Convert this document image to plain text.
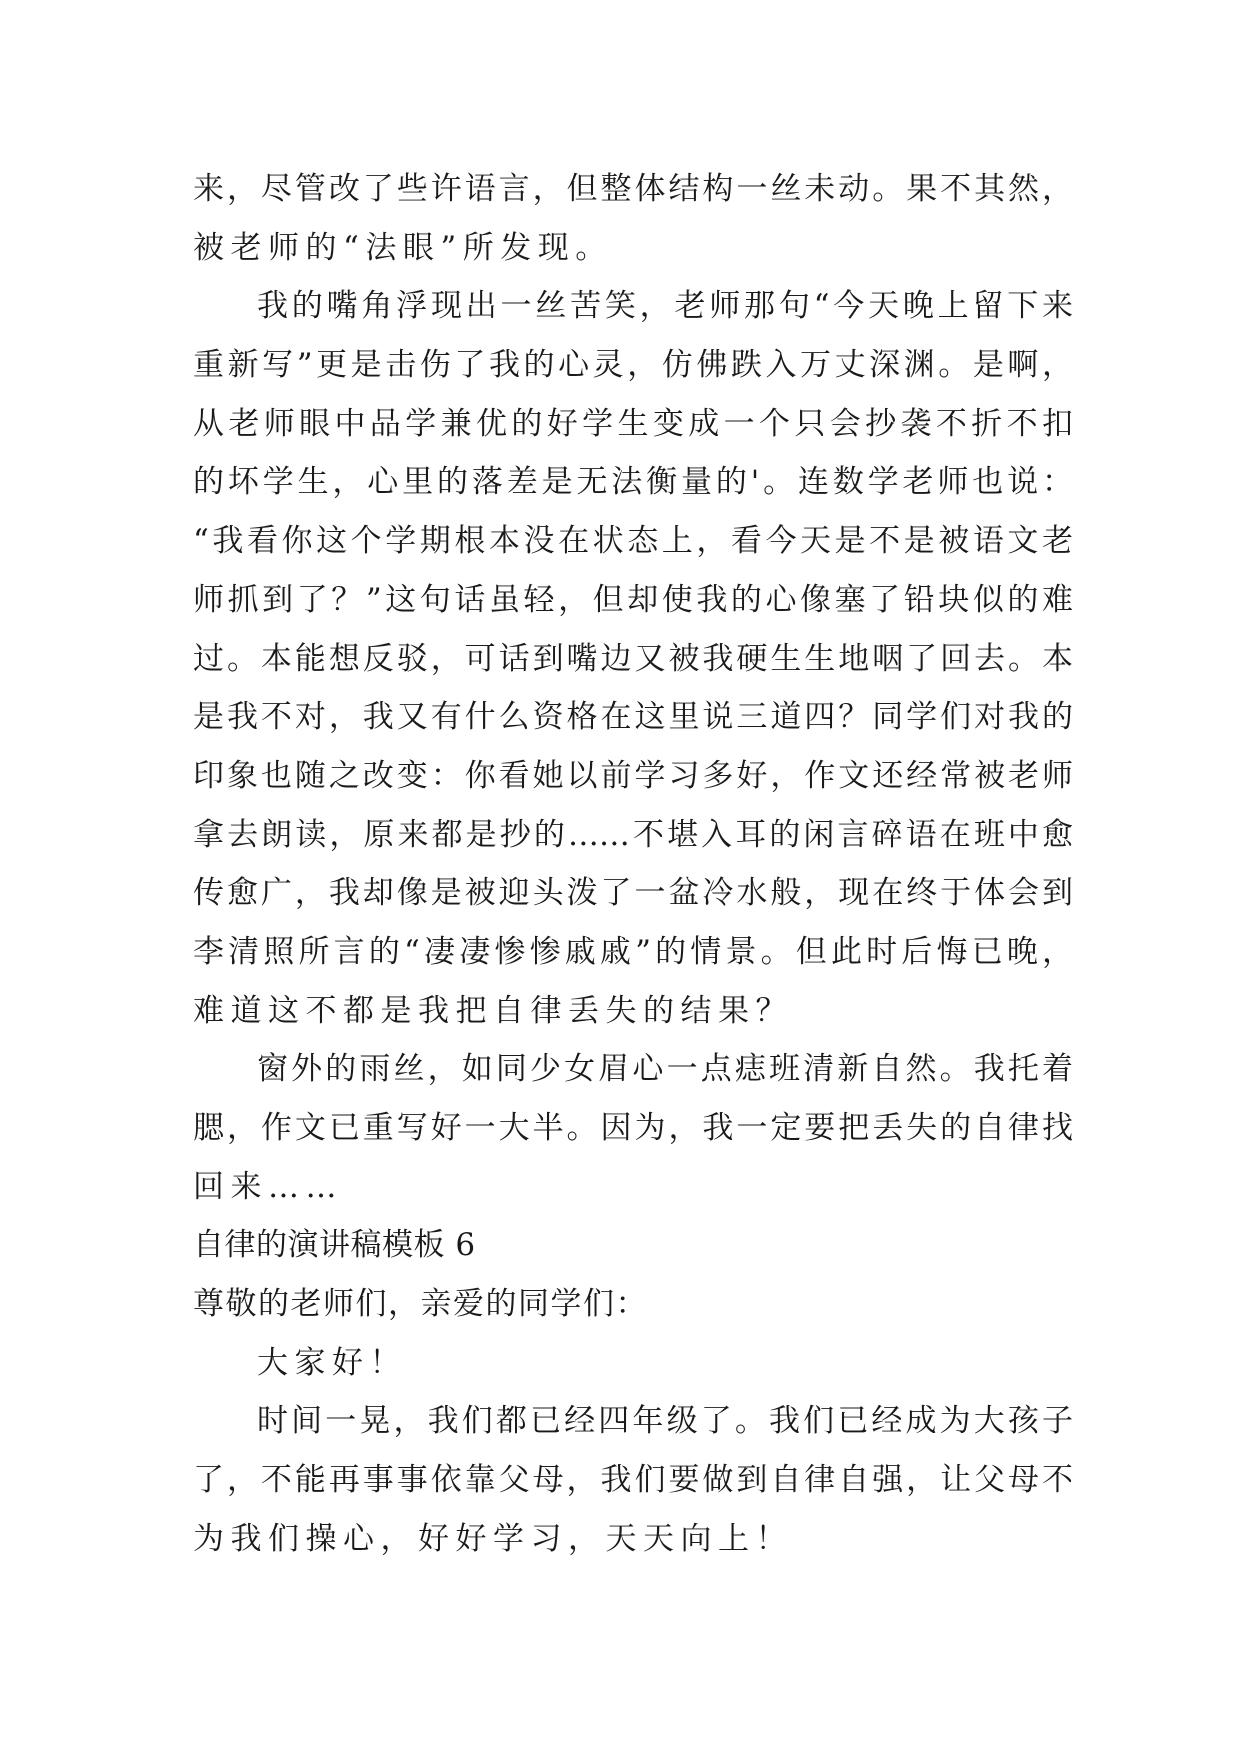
来，尽管改了些许语言，但整体结构一丝未动。果不其然，
被老师的“法眼”所发现。
我的嘴角浮现出一丝苦笑，老师那句“今天晚上留下来
重新写”更是击伤了我的心灵，仿佛跌入万丈深渊。是啊，
从老师眼中品学兼优的好学生变成一个只会抄袭不折不扣
的坏学生，心里的落差是无法衡量的'。连数学老师也说：
“我看你这个学期根本没在状态上，看今天是不是被语文老
师抓到了？”这句话虽轻，但却使我的心像塞了铅块似的难
过。本能想反驳，可话到嘴边又被我硬生生地咽了回去。本
是我不对，我又有什么资格在这里说三道四？同学们对我的
印象也随之改变：你看她以前学习多好，作文还经常被老师
拿去朗读，原来都是抄的……不堪入耳的闲言碎语在班中愈
传愈广，我却像是被迎头泼了一盆冷水般，现在终于体会到
李清照所言的“凄凄惨惨戚戚”的情景。但此时后悔已晚，
难道这不都是我把自律丢失的结果？
窗外的雨丝，如同少女眉心一点痣班清新自然。我托着
腮，作文已重写好一大半。因为，我一定要把丢失的自律找
回来……
自律的演讲稿模板 6
尊敬的老师们，亲爱的同学们：
大家好！
时间一晃，我们都已经四年级了。我们已经成为大孩子
了，不能再事事依靠父母，我们要做到自律自强，让父母不
为我们操心，好好学习，天天向上！
